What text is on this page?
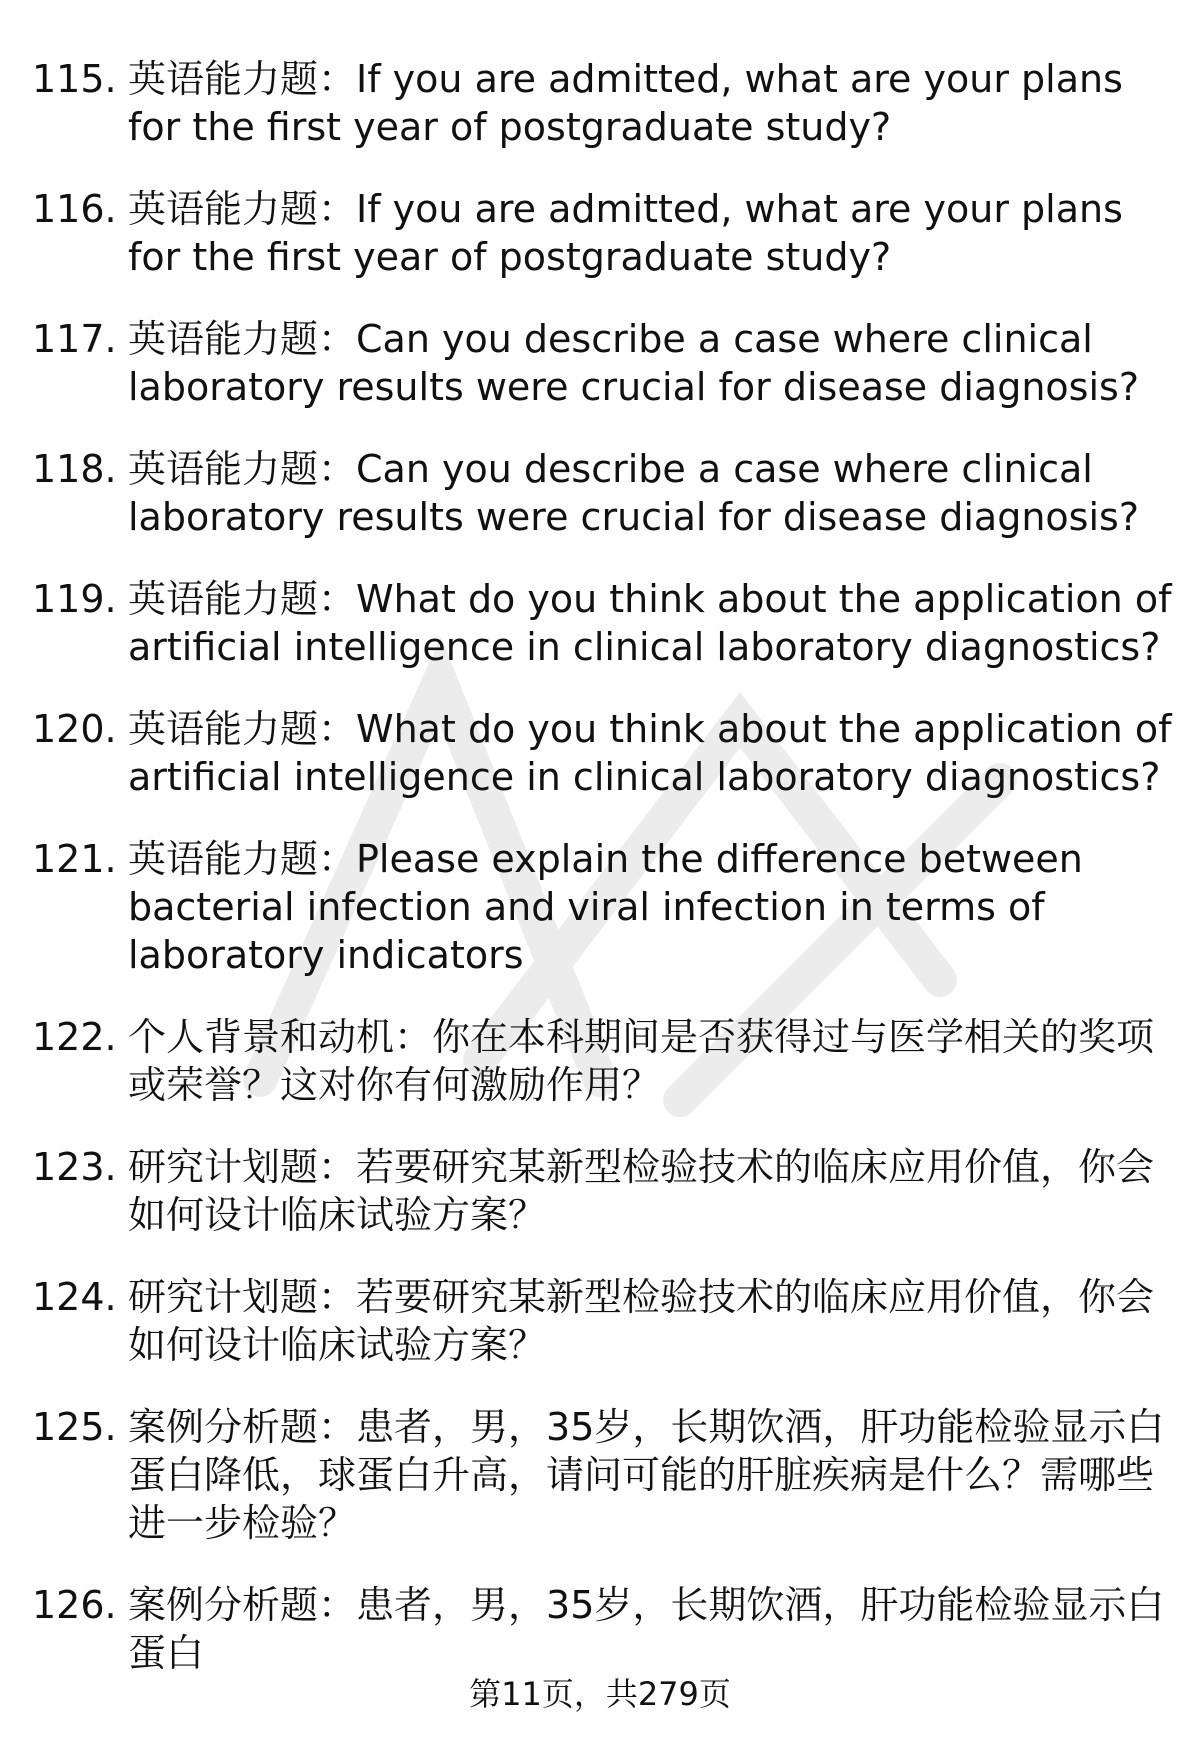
115. 英语能力题：If you are admitted, what are your plans for the first year of postgraduate study?
116. 英语能力题：If you are admitted, what are your plans for the first year of postgraduate study?
117. 英语能力题：Can you describe a case where clinical laboratory results were crucial for disease diagnosis?
118. 英语能力题：Can you describe a case where clinical laboratory results were crucial for disease diagnosis?
119. 英语能力题：What do you think about the application of artificial intelligence in clinical laboratory diagnostics?
120. 英语能力题：What do you think about the application of artificial intelligence in clinical laboratory diagnostics?
121. 英语能力题：Please explain the difference between bacterial infection and viral infection in terms of laboratory indicators
122. 个人背景和动机：你在本科期间是否获得过与医学相关的奖项或荣誉？这对你有何激励作用？
123. 研究计划题：若要研究某新型检验技术的临床应用价值，你会如何设计临床试验方案？
124. 研究计划题：若要研究某新型检验技术的临床应用价值，你会如何设计临床试验方案？
125. 案例分析题：患者，男，35岁，长期饮酒，肝功能检验显示白蛋白降低，球蛋白升高，请问可能的肝脏疾病是什么？需哪些进一步检验？
126. 案例分析题：患者，男，35岁，长期饮酒，肝功能检验显示白蛋白
第11页，共279页
